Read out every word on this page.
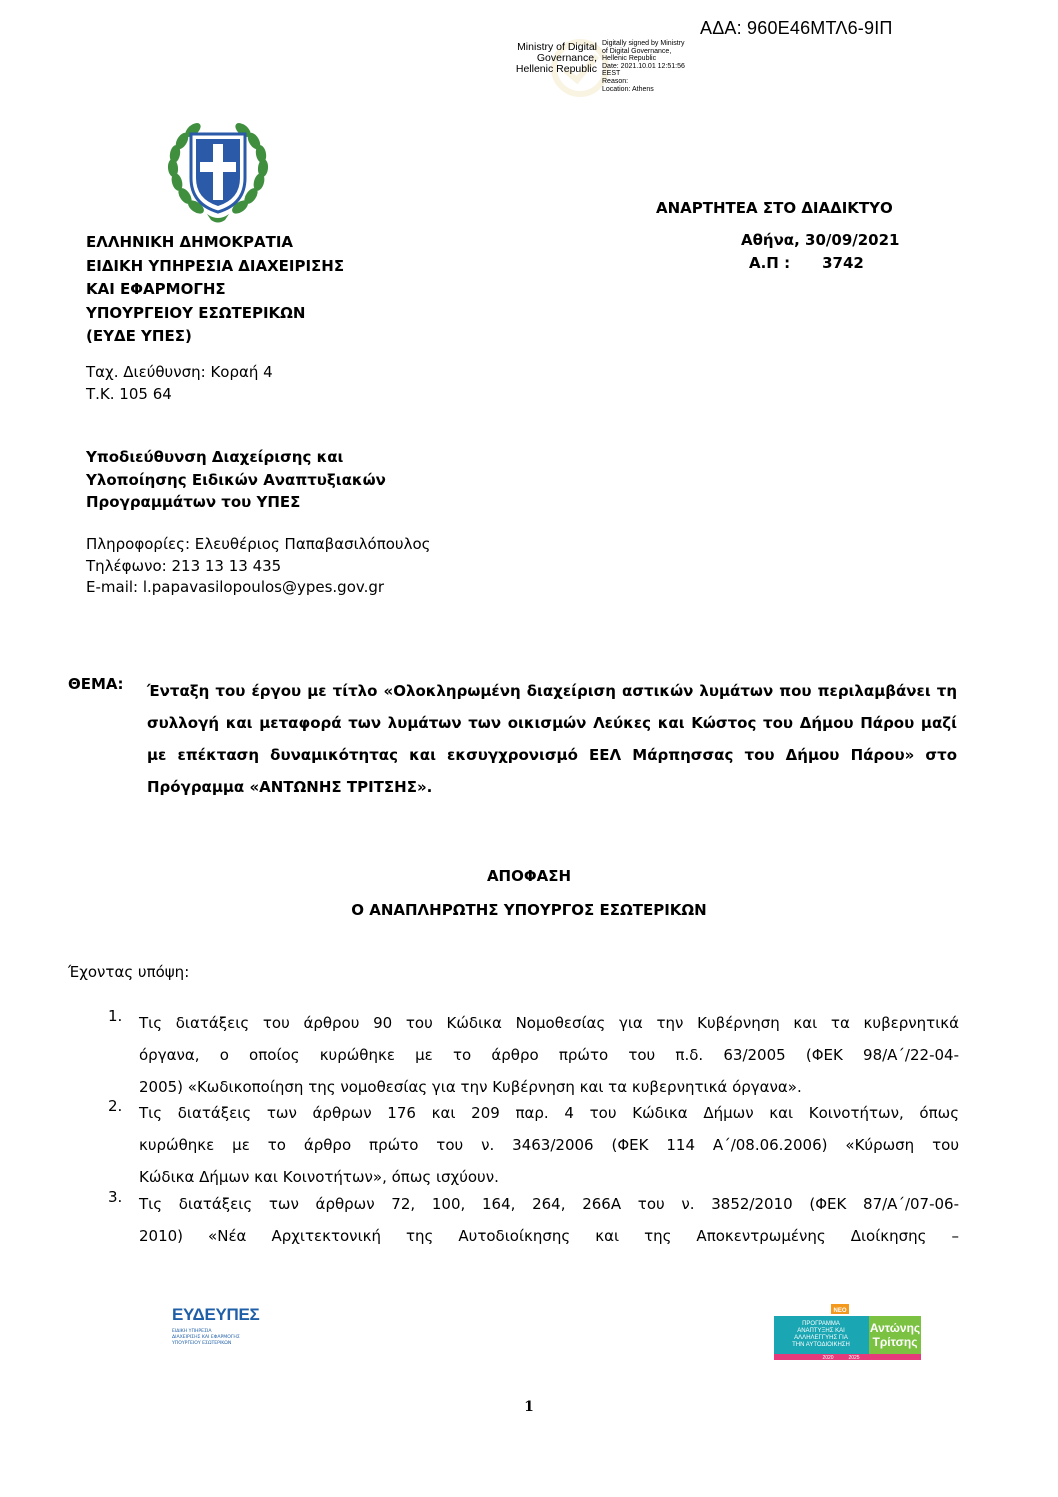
ΑΔΑ: 960Ε46ΜΤΛ6-9ΙΠ
Ministry of Digital
Governance,
Hellenic Republic
Digitally signed by Ministry
of Digital Governance,
Hellenic Republic
Date: 2021.10.01 12:51:56
EEST
Reason:
Location: Athens
ΑΝΑΡΤΗΤΕΑ ΣΤΟ ΔΙΑΔΙΚΤΥΟ
Αθήνα, 30/09/2021
Α.Π : 3742
ΕΛΛΗΝΙΚΗ ΔΗΜΟΚΡΑΤΙΑ
ΕΙΔΙΚΗ ΥΠΗΡΕΣΙΑ ΔΙΑΧΕΙΡΙΣΗΣ
ΚΑΙ ΕΦΑΡΜΟΓΗΣ
ΥΠΟΥΡΓΕΙΟΥ ΕΣΩΤΕΡΙΚΩΝ
(ΕΥΔΕ ΥΠΕΣ)
Ταχ. Διεύθυνση: Κοραή 4
Τ.Κ. 105 64
Υποδιεύθυνση Διαχείρισης και
Υλοποίησης Ειδικών Αναπτυξιακών
Προγραμμάτων του ΥΠΕΣ
Πληροφορίες: Ελευθέριος Παπαβασιλόπουλος
Τηλέφωνο: 213 13 13 435
E-mail: l.papavasilopoulos@ypes.gov.gr
ΘΕΜΑ: Ένταξη του έργου με τίτλο «Ολοκληρωμένη διαχείριση αστικών λυμάτων που περιλαμβάνει τη συλλογή και μεταφορά των λυμάτων των οικισμών Λεύκες και Κώστος του Δήμου Πάρου μαζί με επέκταση δυναμικότητας και εκσυγχρονισμό ΕΕΛ Μάρπησσας του Δήμου Πάρου» στο Πρόγραμμα «ΑΝΤΩΝΗΣ ΤΡΙΤΣΗΣ».
ΑΠΟΦΑΣΗ
Ο ΑΝΑΠΛΗΡΩΤΗΣ ΥΠΟΥΡΓΟΣ ΕΣΩΤΕΡΙΚΩΝ
Έχοντας υπόψη:
1. Τις διατάξεις του άρθρου 90 του Κώδικα Νομοθεσίας για την Κυβέρνηση και τα κυβερνητικά
όργανα, ο οποίος κυρώθηκε με το άρθρο πρώτο του π.δ. 63/2005 (ΦΕΚ 98/Α΄/22-04-
2005) «Κωδικοποίηση της νομοθεσίας για την Κυβέρνηση και τα κυβερνητικά όργανα».
2. Τις διατάξεις των άρθρων 176 και 209 παρ. 4 του Κώδικα Δήμων και Κοινοτήτων, όπως
κυρώθηκε με το άρθρο πρώτο του ν. 3463/2006 (ΦΕΚ 114 Α΄/08.06.2006) «Κύρωση του
Κώδικα Δήμων και Κοινοτήτων», όπως ισχύουν.
3. Τις διατάξεις των άρθρων 72, 100, 164, 264, 266Α του ν. 3852/2010 (ΦΕΚ 87/Α΄/07-06-
2010) «Νέα Αρχιτεκτονική της Αυτοδιοίκησης και της Αποκεντρωμένης Διοίκησης –
ΕΥΔΕΥΠΕΣ
ΕΙΔΙΚΗ ΥΠΗΡΕΣΙΑ
ΔΙΑΧΕΙΡΙΣΗΣ ΚΑΙ ΕΦΑΡΜΟΓΗΣ
ΥΠΟΥΡΓΕΙΟΥ ΕΣΩΤΕΡΙΚΩΝ
ΝΕΟ
ΠΡΟΓΡΑΜΜΑ
ΑΝΑΠΤΥΞΗΣ ΚΑΙ
ΑΛΛΗΛΕΓΓΥΗΣ ΓΙΑ
ΤΗΝ ΑΥΤΟΔΙΟΙΚΗΣΗ
Αντώνης
Τρίτσης
2020	2025
1
